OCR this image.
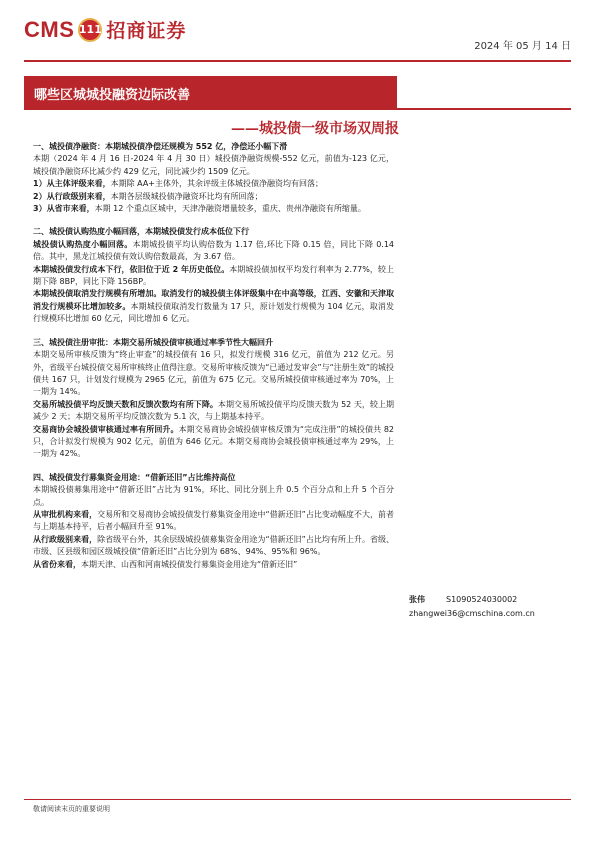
CMS 111 招商证券
2024 年 05 月 14 日
哪些区城城投融资边际改善
——城投债一级市场双周报

一、城投债净融资：本期城投债净偿还规模为 552 亿，净偿还小幅下滑

本期（2024 年 4 月 16 日-2024 年 4 月 30 日）城投债净融资规模-552 亿元，前值为-123 亿元，城投债净融资环比减少约 429 亿元，同比减少约 1509 亿元。

1）从主体评级来看，本期除 AA+主体外，其余评级主体城投债净融资均有回落；

2）从行政级别来看，本期各层级城投债净融资环比均有所回落；

3）从省市来看，本期 12 个重点区城中，天津净融资增量较多，重庆、贵州净融资有所缩量。

二、城投债认购热度小幅回落，本期城投债发行成本低位下行

城投债认购热度小幅回落。本期城投债平均认购倍数为 1.17 倍,环比下降 0.15 倍，同比下降 0.14 倍。其中，黑龙江城投债有效认购倍数最高，为 3.67 倍。

本期城投债发行成本下行，依旧位于近 2 年历史低位。本期城投债加权平均发行利率为 2.77%，较上期下降 8BP，同比下降 156BP。

本期城投债取消发行规模有所增加。取消发行的城投债主体评级集中在中高等级，江西、安徽和天津取消发行规模环比增加较多。本期城投债取消发行数量为 17 只，原计划发行规模为 104 亿元，取消发行规模环比增加 60 亿元，同比增加 6 亿元。

三、城投债注册审批：本期交易所城投债审核通过率季节性大幅回升

本期交易所审核反馈为“终止审查”的城投债有 16 只，拟发行规模 316 亿元，前值为 212 亿元。另外，省级平台城投债交易所审核终止值得注意。交易所审核反馈为“已通过发审会”与“注册生效”的城投债共 167 只，计划发行规模为 2965 亿元，前值为 675 亿元。交易所城投债审核通过率为 70%，上一期为 14%。

交易所城投债平均反馈天数和反馈次数均有所下降。本期交易所城投债平均反馈天数为 52 天，较上期减少 2 天；本期交易所平均反馈次数为 5.1 次，与上期基本持平。

交易商协会城投债审核通过率有所回升。本期交易商协会城投债审核反馈为“完成注册”的城投债共 82 只，合计拟发行规模为 902 亿元，前值为 646 亿元。本期交易商协会城投债审核通过率为 29%，上一期为 42%。

四、城投债发行募集资金用途：“借新还旧”占比维持高位

本期城投债募集用途中“借新还旧”占比为 91%，环比、同比分别上升 0.5 个百分点和上升 5 个百分点。

从审批机构来看，交易所和交易商协会城投债发行募集资金用途中“借新还旧”占比变动幅度不大，前者与上期基本持平，后者小幅回升至 91%。

从行政级别来看，除省级平台外，其余层级城投债募集资金用途为“借新还旧”占比均有所上升。省级、市级、区县级和园区级城投债“借新还旧”占比分别为 68%、94%、95%和 96%。

从省份来看，本期天津、山西和河南城投债发行募集资金用途为“借新还旧”

张伟	S1090524030002
zhangwei36@cmschina.com.cn
敬请阅读末页的重要说明
